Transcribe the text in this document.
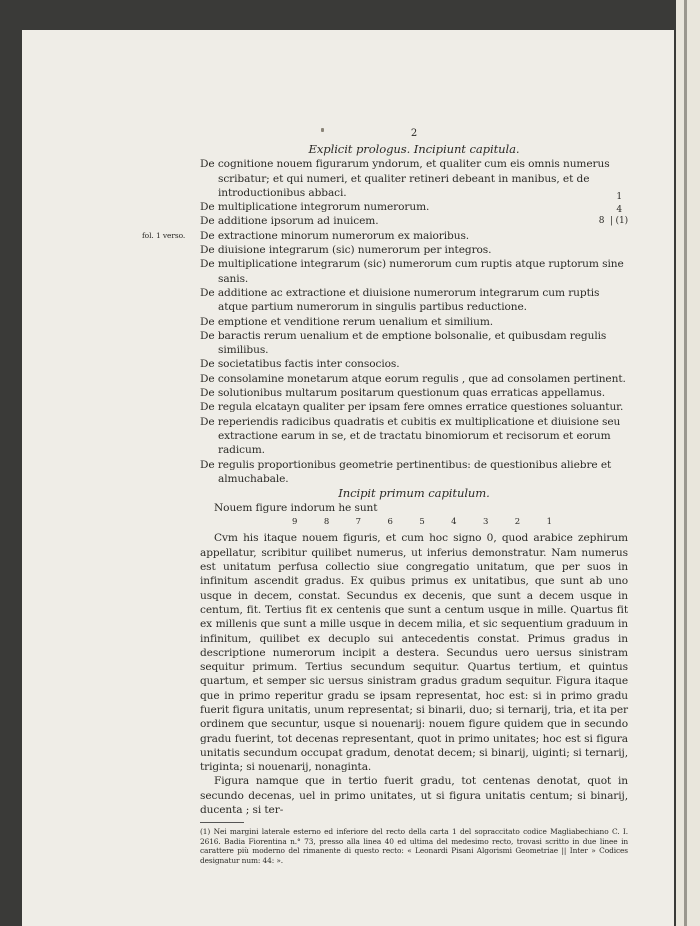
2
Explicit prologus. Incipiunt capitula.
De cognitione nouem figurarum yndorum, et qualiter cum eis omnis numerus scribatur; et qui numeri, et qualiter retineri debeant in manibus, et de introductionibus abbaci.
De multiplicatione integrorum numerorum.
1
4
De additione ipsorum ad inuicem.	8  | (1)
fol. 1 verso. De extractione minorum numerorum ex maioribus.
De diuisione integrarum (sic) numerorum per integros.
De multiplicatione integrarum (sic) numerorum cum ruptis atque ruptorum sine sanis.
De additione ac extractione et diuisione numerorum integrarum cum ruptis atque partium numerorum in singulis partibus reductione.
De emptione et venditione rerum uenalium et similium.
De baractis rerum uenalium et de emptione bolsonalie, et quibusdam regulis similibus.
De societatibus factis inter consocios.
De consolamine monetarum atque eorum regulis , que ad consolamen pertinent.
De solutionibus multarum positarum questionum quas erraticas appellamus.
De regula elcatayn qualiter per ipsam fere omnes erratice questiones soluantur.
De reperiendis radicibus quadratis et cubitis ex multiplicatione et diuisione seu extractione earum in se, et de tractatu binomiorum et recisorum et eorum radicum.
De regulis proportionibus geometrie pertinentibus: de questionibus aliebre et almuchabale.
Incipit primum capitulum.
Nouem figure indorum he sunt
9	8	7	6	5	4	3	2	1

Cvm his itaque nouem figuris, et cum hoc signo 0, quod arabice zephirum appellatur, scribitur quilibet numerus, ut inferius demonstratur. Nam numerus est unitatum perfusa collectio siue congregatio unitatum, que per suos in infinitum ascendit gradus. Ex quibus primus ex unitatibus, que sunt ab uno usque in decem, constat. Secundus ex decenis, que sunt a decem usque in centum, fit. Tertius fit ex centenis que sunt a centum usque in mille. Quartus fit ex millenis que sunt a mille usque in decem milia, et sic sequentium graduum in infinitum, quilibet ex decuplo sui antecedentis constat. Primus gradus in descriptione numerorum incipit a destera. Secundus uero uersus sinistram sequitur primum. Tertius secundum sequitur. Quartus tertium, et quintus quartum, et semper sic uersus sinistram gradus gradum sequitur. Figura itaque que in primo reperitur gradu se ipsam representat, hoc est: si in primo gradu fuerit figura unitatis, unum representat; si binarii, duo; si ternarij, tria, et ita per ordinem que secuntur, usque si nouenarij: nouem figure quidem que in secundo gradu fuerint, tot decenas representant, quot in primo unitates; hoc est si figura unitatis secundum occupat gradum, denotat decem; si binarij, uiginti; si ternarij, triginta; si nouenarij, nonaginta.

Figura namque que in tertio fuerit gradu, tot centenas denotat, quot in secundo decenas, uel in primo unitates, ut si figura unitatis centum; si binarij, ducenta ; si ter-

(1) Nei margini laterale esterno ed inferiore del recto della carta 1 del sopraccitato codice Magliabechiano C. I. 2616. Badia Fiorentina n.° 73, presso alla linea 40 ed ultima del medesimo recto, trovasi scritto in due linee in carattere più moderno del rimanente di questo recto: « Leonardi Pisani Algorismi Geometriae || Inter » Codices designatur num: 44: ».
